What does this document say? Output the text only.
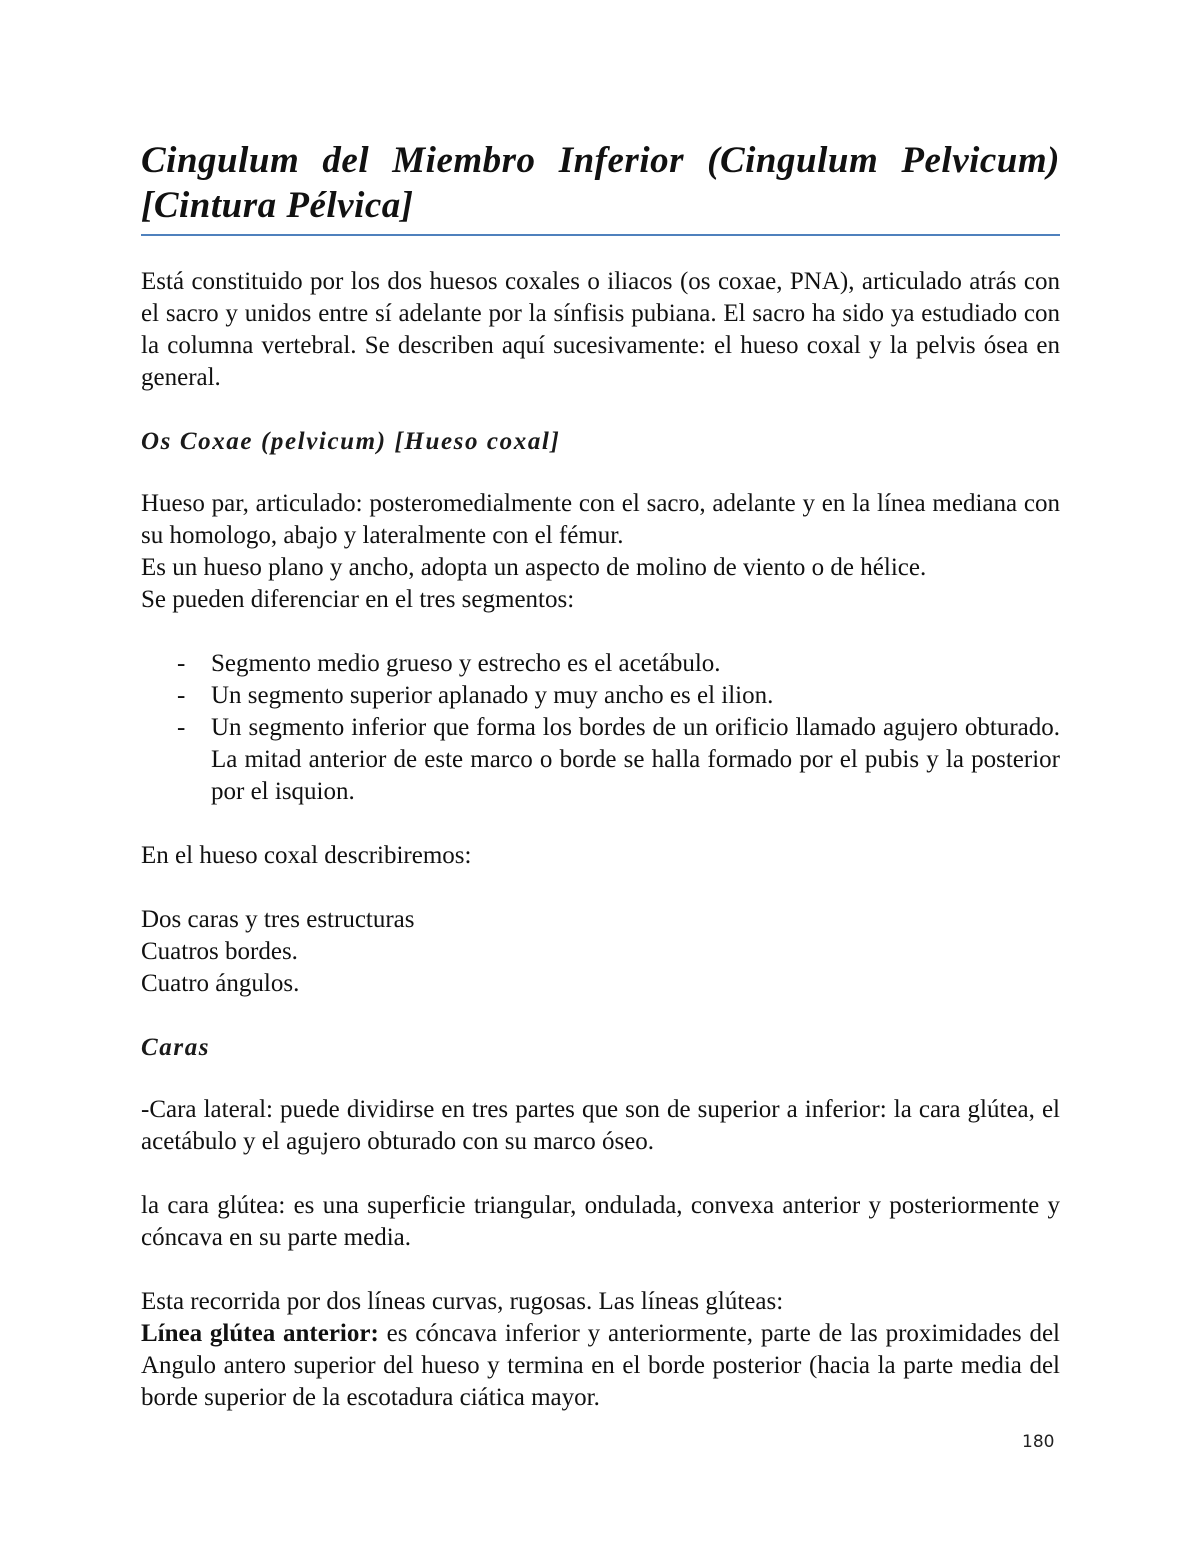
Cingulum del Miembro Inferior (Cingulum Pelvicum)
[Cintura Pélvica]

Está constituido por los dos huesos coxales o iliacos (os coxae, PNA), articulado atrás con el sacro y unidos entre sí adelante por la sínfisis pubiana. El sacro ha sido ya estudiado con la columna vertebral. Se describen aquí sucesivamente: el hueso coxal y la pelvis ósea en general.

Os Coxae (pelvicum) [Hueso coxal]

Hueso par, articulado: posteromedialmente con el sacro, adelante y en la línea mediana con su homologo, abajo y lateralmente con el fémur.

Es un hueso plano y ancho, adopta un aspecto de molino de viento o de hélice.

Se pueden diferenciar en el tres segmentos:

- Segmento medio grueso y estrecho es el acetábulo.
- Un segmento superior aplanado y muy ancho es el ilion.
- Un segmento inferior que forma los bordes de un orificio llamado agujero obturado. La mitad anterior de este marco o borde se halla formado por el pubis y la posterior por el isquion.

En el hueso coxal describiremos:

Dos caras y tres estructuras

Cuatros bordes.

Cuatro ángulos.

Caras

-Cara lateral: puede dividirse en tres partes que son de superior a inferior: la cara glútea, el acetábulo y el agujero obturado con su marco óseo.

la cara glútea: es una superficie triangular, ondulada, convexa anterior y posteriormente y cóncava en su parte media.

Esta recorrida por dos líneas curvas, rugosas. Las líneas glúteas:

Línea glútea anterior: es cóncava inferior y anteriormente, parte de las proximidades del Angulo antero superior del hueso y termina en el borde posterior (hacia la parte media del borde superior de la escotadura ciática mayor.

180
